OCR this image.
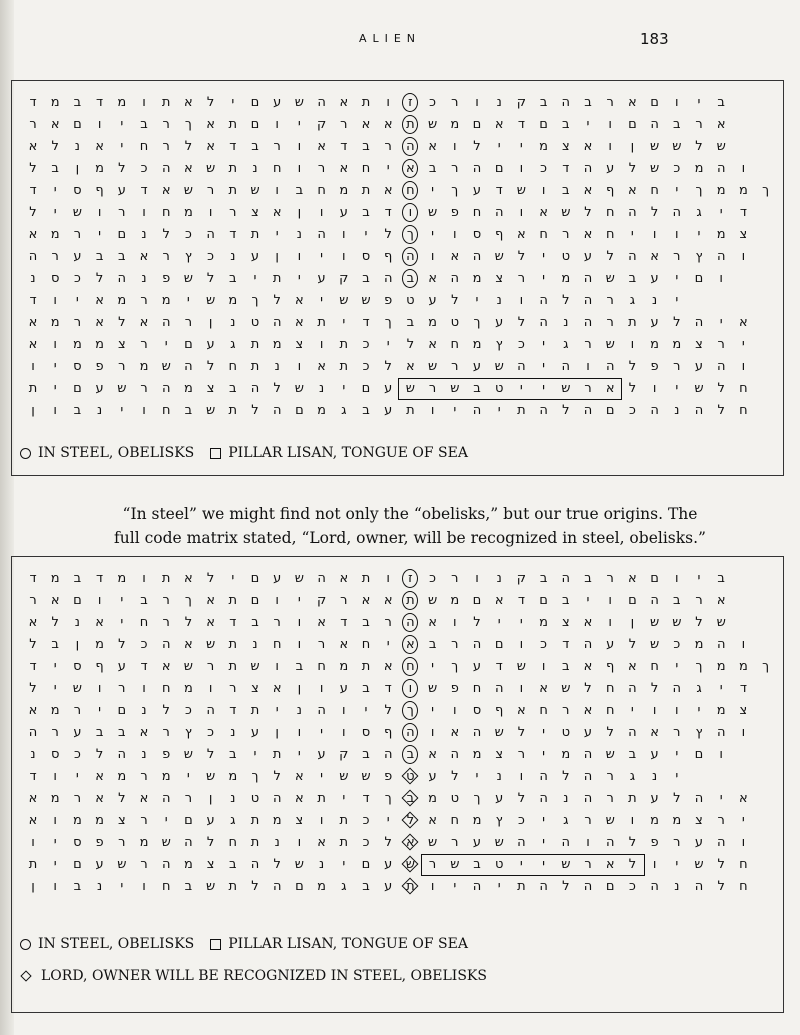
ALIEN	183
ד	מ	ב	ד	מ	ו	ת	א	ל	י	ם	ע	ש	ה	א	ת	ו	ז	כ	ר	ו	נ	ק	ב	ה	ב	ר	א	ם	ו	י	ב
ר	א	ם	ו	י	ב	ר	ך	א	ת	ם	ו	י	ק	ר	א	א	ת	ש	מ	ם	א	ד	ם	ב	י	ו	ם	ה	ב	ר	א
א	ל	נ	א	י	ח	ר	ל	א	ד	ב	ר	ו	א	ד	ב	ר	ה	א	ו	ל	י	י	מ	צ	א	ו	ן	ש ש	ל	ש
ל	ב	ן	מ	ל	כ	ה	א	ש	ת	נ	ח	ו	ר	א	ח	י	א	ב	ר	ה	ם	ו	כ	ד	ה	ע	ל	ש	כ	מ	ה	ו
ד	י	ס	ף	ע	ד	א	ש	ר	ת	ש	ו	ב	ח	מ	ת	א	ח	י	ך	ע	ד	ש	ו	ב	א	ף	א	ח	י	ך	מ	מ	ך
ל	י	ש	ו	ר	ו	ח	מ	ו	ר	צ	א	ן	ו	ע	ב	ד	ו	ש	פ	ח	ה	ו	א	ש	ל	ח	ה	ל	ה	ג	י	ד
א	מ	ר	י	ם	נ	ל	כ	ה	ד	ת	י	נ	ה	ו	י	ל	ך	י	ו	ס	ף	א	ח	ר	א	ח	י	ו	ו	י	מ	צ
ה	ר	ע	ב	ב	א	ר	ץ	כ	נ	ע	ן	ו	י	ו	ס	ף	ה	ו	א	ה	ש	ל	י	ט	ע	ל	ה	א	ר	ץ	ה	ו
נ	ס	כ	ל	ה	נ	פ	ש	ל	ב	י	ת	י	ע	ק	ב	ה	ב	א	ה	מ	צ	ר	י	מ	ה	ש	ב	ע	י	ם	ו
ד	ו	י	א	מ	ר	מ	י	ש	מ	ך	ל	א	י	ש ש	פ	ט	ע	ל	י	נ	ו	ה	ל	ה	ר	ג	נ	י
א	מ	ר	א	ל	א	ה	ר	ן	נ	ט	ה	א	ת	י	ד	ך	ב	מ	ט	ך	ע	ל	ה	נ	ה	ר	ת	ע	ל	ה	י	א
א	ו	מ	מ	צ	ר	י	ם	ע	ג	ת	מ	צ	ו	ת	כ	י	ל	א	ח	מ	ץ	כ	י	ג	ר	ש	ו	מ	מ	צ	ר	י
ו	י	ס	פ	ר	מ	ש	ה	ל	ח	ת	נ	ו	א	ת	כ	ל	א	ש	ר	ע	ש	ה	י	ה	ו	ה	ל	פ	ר	ע	ה	ו
ת	י	ם	ע	ש	ר	ה	מ	צ	ב	ה	ל	ש	נ	י	ם	ע	ש	ר	ש	ב	ט	י	י	ש	ר	א	ל	ו	י	ש	ל	ח
ן	ו	ב	נ	י	ו	ח	ב	ש	ת	ל	ה	ם	מ	ג	ב	ע	ת	ו	י	ה	י	ת	ה	ל	ה	ם	כ	ה	נ	ה	ל	ח
IN STEEL, OBELISKS PILLAR LISAN, TONGUE OF SEA
“In steel” we might find not only the “obelisks,” but our true origins. The
full code matrix stated, “Lord, owner, will be recognized in steel, obelisks.”
ד	מ	ב	ד	מ	ו	ת	א	ל	י	ם	ע	ש	ה	א	ת	ו	ז	כ	ר	ו	נ	ק	ב	ה	ב	ר	א	ם	ו	י	ב
ר	א	ם	ו	י	ב	ר	ך	א	ת	ם	ו	י	ק	ר	א	א	ת	ש	מ	ם	א	ד	ם	ב	י	ו	ם	ה	ב	ר	א
א	ל	נ	א	י	ח	ר	ל	א	ד	ב	ר	ו	א	ד	ב	ר	ה	א	ו	ל	י	י	מ	צ	א	ו	ן	ש ש	ל	ש
ל	ב	ן	מ	ל	כ	ה	א	ש	ת	נ	ח	ו	ר	א	ח	י	א	ב	ר	ה	ם	ו	כ	ד	ה	ע	ל	ש	כ	מ	ה	ו
ד	י	ס	ף	ע	ד	א	ש	ר	ת	ש	ו	ב	ח	מ	ת	א	ח	י	ך	ע	ד	ש	ו	ב	א	ף	א	ח	י	ך	מ	מ	ך
ל	י	ש	ו	ר	ו	ח	מ	ו	ר	צ	א	ן	ו	ע	ב	ד	ו	ש	פ	ח	ה	ו	א	ש	ל	ח	ה	ל	ה	ג	י	ד
א	מ	ר	י	ם	נ	ל	כ	ה	ד	ת	י	נ	ה	ו	י	ל	ך	י	ו	ס	ף	א	ח	ר	א	ח	י	ו	ו	י	מ	צ
ה	ר	ע	ב	ב	א	ר	ץ	כ	נ	ע	ן	ו	י	ו	ס	ף	ה	ו	א	ה	ש	ל	י	ט	ע	ל	ה	א	ר	ץ	ה	ו
נ	ס	כ	ל	ה	נ	פ	ש	ל	ב	י	ת	י	ע	ק	ב	ה	ב	א	ה	מ	צ	ר	י	מ	ה	ש	ב	ע	י	ם	ו
ד	ו	י	א	מ	ר	מ	י	ש	מ	ך	ל	א	י	ש ש	פ	ט	ע	ל	י	נ	ו	ה	ל	ה	ר	ג	נ	י
א	מ	ר	א	ל	א	ה	ר	ן	נ	ט	ה	א	ת	י	ד	ך	ב	מ	ט	ך	ע	ל	ה	נ	ה	ר	ת	ע	ל	ה	י	א
א	ו	מ	מ	צ	ר	י	ם	ע	ג	ת	מ	צ	ו	ת	כ	י	ל	א	ח	מ	ץ	כ	י	ג	ר	ש	ו	מ	מ	צ	ר	י
ו	י	ס	פ	ר	מ	ש	ה	ל	ח	ת	נ	ו	א	ת	כ	ל	א	ש	ר	ע	ש	ה	י	ה	ו	ה	ל	פ	ר	ע	ה	ו
ת	י	ם	ע	ש	ר	ה	מ	צ	ב	ה	ל	ש	נ	י	ם	ע	ש	ר	ש	ב	ט	י	י	ש	ר	א	ל	ו	י	ש	ל	ח
ן	ו	ב	נ	י	ו	ח	ב	ש	ת	ל	ה	ם	מ	ג	ב	ע	ת	ו	י	ה	י	ת	ה	ל	ה	ם	כ	ה	נ	ה	ל	ח
IN STEEL, OBELISKS PILLAR LISAN, TONGUE OF SEA
LORD, OWNER WILL BE RECOGNIZED IN STEEL, OBELISKS
